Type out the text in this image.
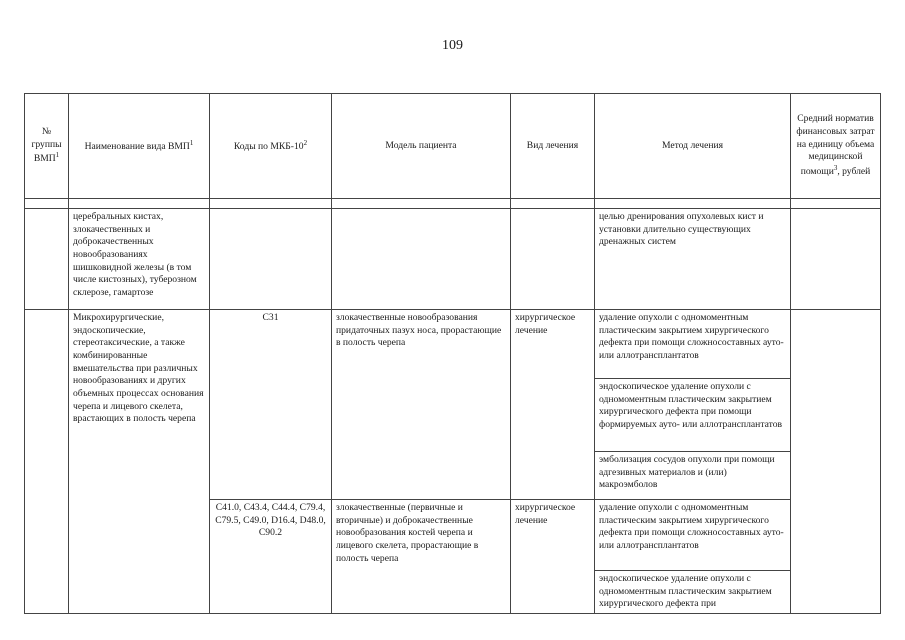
109
№ группы ВМП$^1$	Наименование вида ВМП$^1$	Коды по МКБ-$10^2$	Модель пациента	Вид лечения	Метод лечения	Средний норматив финансовых затрат на единицу объема медицинской помощи$^3$, рублей

	церебральных кистах, злокачественных и доброкачественных новообразованиях шишковидной железы (в том числе кистозных), туберозном склерозе, гамартозе				целью дренирования опухолевых кист и установки длительно существующих дренажных систем	
	Микрохирургические, эндоскопические, стереотаксические, а также комбинированные вмешательства при различных новообразованиях и других объемных процессах основания черепа и лицевого скелета, врастающих в полость черепа	C31	злокачественные новообразования придаточных пазух носа, прорастающие в полость черепа	хирургическое лечение	удаление опухоли с одномоментным пластическим закрытием хирургического дефекта при помощи сложносоставных ауто- или аллотрансплантатов	
					эндоскопическое удаление опухоли с одномоментным пластическим закрытием хирургического дефекта при помощи формируемых ауто- или аллотрансплантатов	
					эмболизация сосудов опухоли при помощи адгезивных материалов и (или) макроэмболов	
		C41.0, C43.4, C44.4, C79.4, C79.5, C49.0, D16.4, D48.0, C90.2	злокачественные (первичные и вторичные) и доброкачественные новообразования костей черепа и лицевого скелета, прорастающие в полость черепа	хирургическое лечение	удаление опухоли с одномоментным пластическим закрытием хирургического дефекта при помощи сложносоставных ауто- или аллотрансплантатов	
					эндоскопическое удаление опухоли с одномоментным пластическим закрытием хирургического дефекта при	
